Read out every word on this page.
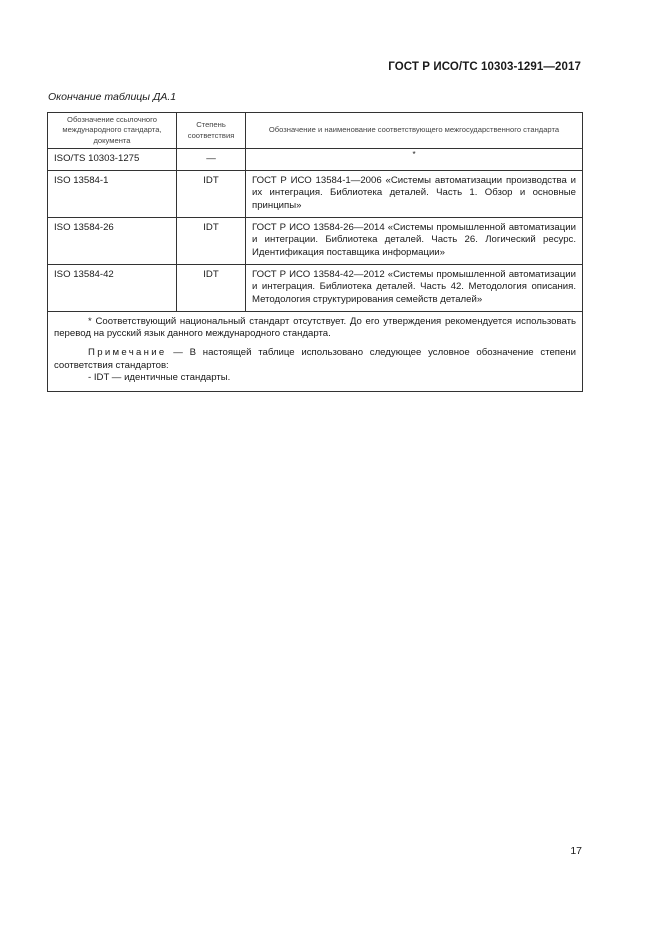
ГОСТ Р ИСО/ТС 10303-1291—2017
Окончание таблицы ДА.1
Обозначение ссылочного международного стандарта, документа	Степень соответствия	Обозначение и наименование соответствующего межгосударственного стандарта
ISO/TS 10303-1275	—	*
ISO 13584-1	IDT	ГОСТ Р ИСО 13584-1—2006 «Системы автоматизации производства и их интеграция. Библиотека деталей. Часть 1. Обзор и основные принципы»
ISO 13584-26	IDT	ГОСТ Р ИСО 13584-26—2014 «Системы промышленной автоматизации и интеграции. Библиотека деталей. Часть 26. Логический ресурс. Идентификация поставщика информации»
ISO 13584-42	IDT	ГОСТ Р ИСО 13584-42—2012 «Системы промышленной автоматизации и интеграция. Библиотека деталей. Часть 42. Методология описания. Методология структурирования семейств деталей»

* Соответствующий национальный стандарт отсутствует. До его утверждения рекомендуется использовать перевод на русский язык данного международного стандарта.

Примечание — В настоящей таблице использовано следующее условное обозначение степени соответствия стандартов:

- IDT — идентичные стандарты.		

17
